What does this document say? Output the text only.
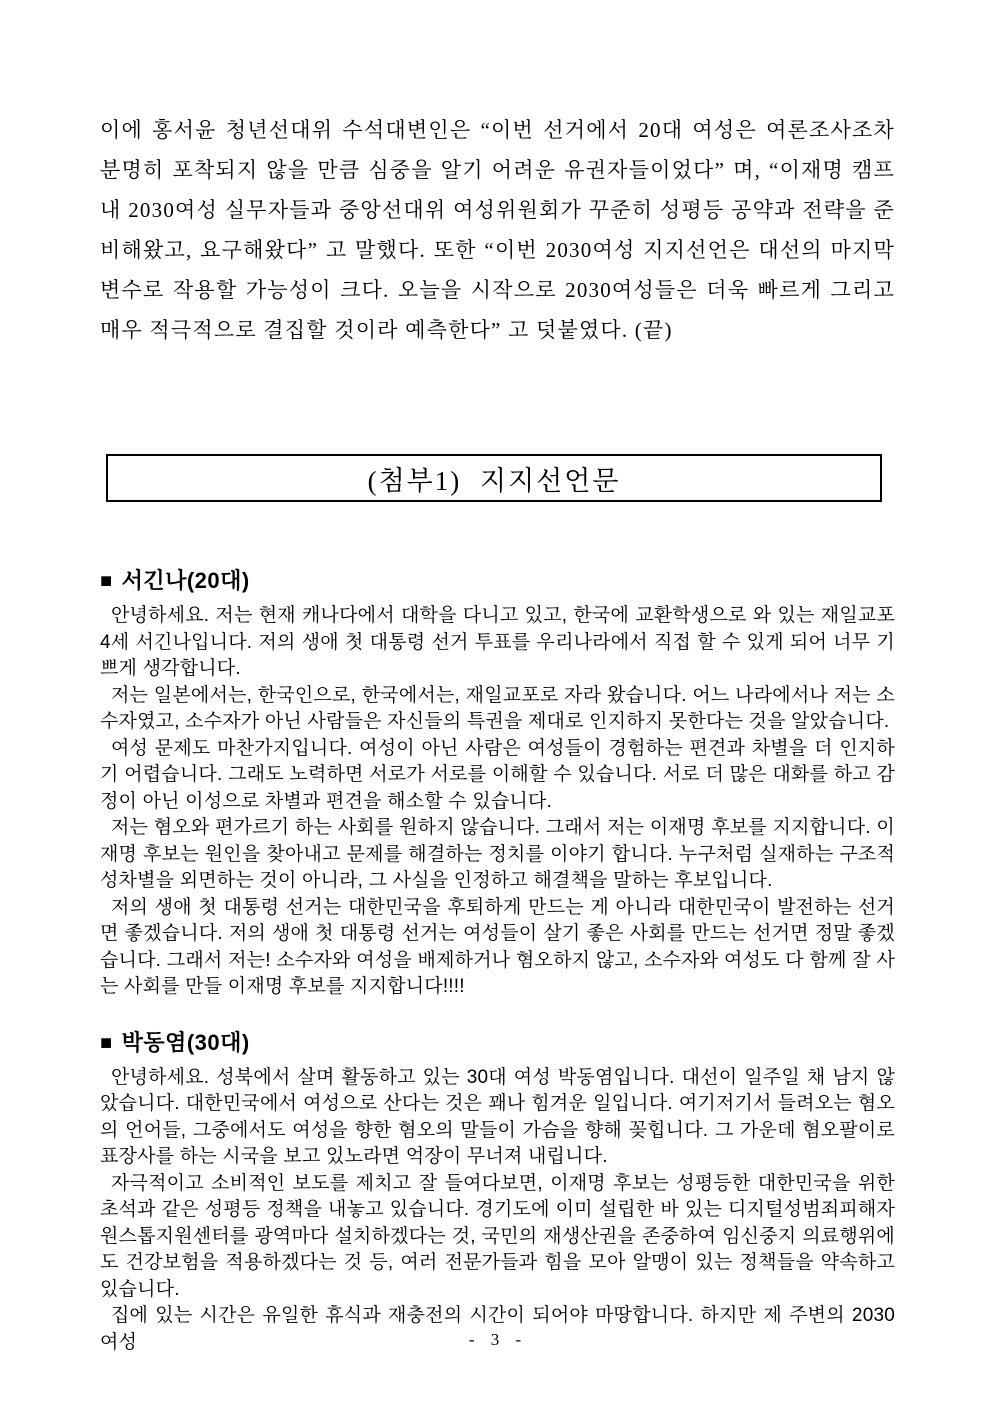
이에 홍서윤 청년선대위 수석대변인은 “이번 선거에서 20대 여성은 여론조사조차 분명히 포착되지 않을 만큼 심중을 알기 어려운 유권자들이었다” 며, “이재명 캠프 내 2030여성 실무자들과 중앙선대위 여성위원회가 꾸준히 성평등 공약과 전략을 준비해왔고, 요구해왔다” 고 말했다. 또한 “이번 2030여성 지지선언은 대선의 마지막 변수로 작용할 가능성이 크다. 오늘을 시작으로 2030여성들은 더욱 빠르게 그리고 매우 적극적으로 결집할 것이라 예측한다” 고 덧붙였다. (끝)

(첨부1) 지지선언문
■ 서긴나(20대)

안녕하세요. 저는 현재 캐나다에서 대학을 다니고 있고, 한국에 교환학생으로 와 있는 재일교포 4세 서긴나입니다. 저의 생애 첫 대통령 선거 투표를 우리나라에서 직접 할 수 있게 되어 너무 기쁘게 생각합니다.

저는 일본에서는, 한국인으로, 한국에서는, 재일교포로 자라 왔습니다. 어느 나라에서나 저는 소수자였고, 소수자가 아닌 사람들은 자신들의 특권을 제대로 인지하지 못한다는 것을 알았습니다.

여성 문제도 마찬가지입니다. 여성이 아닌 사람은 여성들이 경험하는 편견과 차별을 더 인지하기 어렵습니다. 그래도 노력하면 서로가 서로를 이해할 수 있습니다. 서로 더 많은 대화를 하고 감정이 아닌 이성으로 차별과 편견을 해소할 수 있습니다.

저는 혐오와 편가르기 하는 사회를 원하지 않습니다. 그래서 저는 이재명 후보를 지지합니다. 이재명 후보는 원인을 찾아내고 문제를 해결하는 정치를 이야기 합니다. 누구처럼 실재하는 구조적 성차별을 외면하는 것이 아니라, 그 사실을 인정하고 해결책을 말하는 후보입니다.

저의 생애 첫 대통령 선거는 대한민국을 후퇴하게 만드는 게 아니라 대한민국이 발전하는 선거면 좋겠습니다. 저의 생애 첫 대통령 선거는 여성들이 살기 좋은 사회를 만드는 선거면 정말 좋겠습니다. 그래서 저는! 소수자와 여성을 배제하거나 혐오하지 않고, 소수자와 여성도 다 함께 잘 사는 사회를 만들 이재명 후보를 지지합니다!!!!

■ 박동염(30대)

안녕하세요. 성북에서 살며 활동하고 있는 30대 여성 박동염입니다. 대선이 일주일 채 남지 않았습니다. 대한민국에서 여성으로 산다는 것은 꽤나 힘겨운 일입니다. 여기저기서 들려오는 혐오의 언어들, 그중에서도 여성을 향한 혐오의 말들이 가슴을 향해 꽂힙니다. 그 가운데 혐오팔이로 표장사를 하는 시국을 보고 있노라면 억장이 무너져 내립니다.

자극적이고 소비적인 보도를 제치고 잘 들여다보면, 이재명 후보는 성평등한 대한민국을 위한 초석과 같은 성평등 정책을 내놓고 있습니다. 경기도에 이미 설립한 바 있는 디지털성범죄피해자 원스톱지원센터를 광역마다 설치하겠다는 것, 국민의 재생산권을 존중하여 임신중지 의료행위에도 건강보험을 적용하겠다는 것 등, 여러 전문가들과 힘을 모아 알맹이 있는 정책들을 약속하고 있습니다.

집에 있는 시간은 유일한 휴식과 재충전의 시간이 되어야 마땅합니다. 하지만 제 주변의 2030 여성	- 3 -
